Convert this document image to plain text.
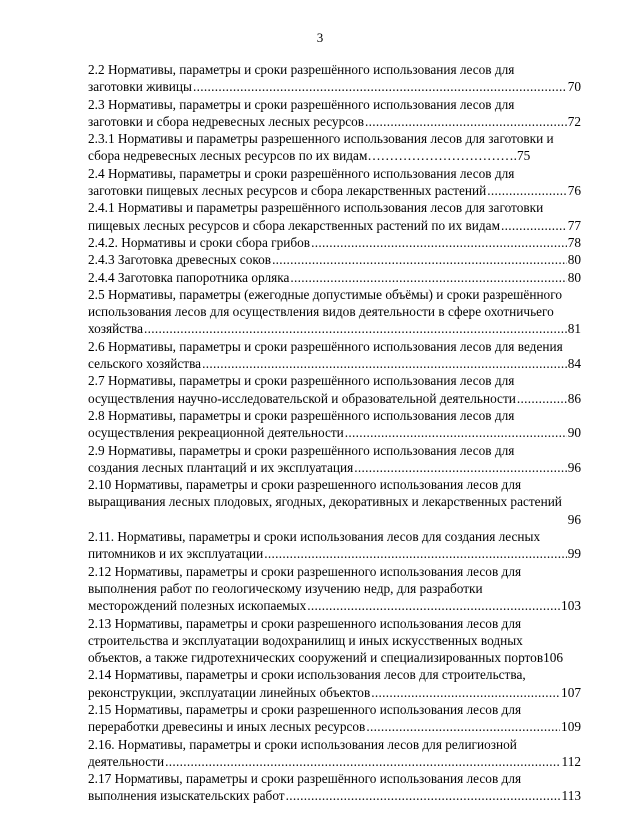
3
2.2 Нормативы, параметры и сроки разрешённого использования лесов для
заготовки живицы .....	70
2.3 Нормативы, параметры и сроки разрешённого использования лесов для
заготовки и сбора недревесных лесных ресурсов .....	72
2.3.1 Нормативы и параметры разрешенного использования лесов для заготовки и
сбора недревесных лесных ресурсов по их видам…………………………….75
2.4 Нормативы, параметры и сроки разрешённого использования лесов для
заготовки пищевых лесных ресурсов и сбора лекарственных растений .....	76
2.4.1 Нормативы и параметры разрешённого использования лесов для заготовки
пищевых лесных ресурсов и сбора лекарственных растений по их видам .....	77
2.4.2. Нормативы и сроки сбора грибов .....	78
2.4.3 Заготовка древесных соков .....	80
2.4.4 Заготовка папоротника орляка .....	80
2.5 Нормативы, параметры (ежегодные допустимые объёмы) и сроки разрешённого
использования лесов для осуществления видов деятельности в сфере охотничьего
хозяйства .....	81
2.6 Нормативы, параметры и сроки разрешённого использования лесов для ведения
сельского хозяйства .....	84
2.7 Нормативы, параметры и сроки разрешённого использования лесов для
осуществления научно-исследовательской и образовательной деятельности .....	86
2.8 Нормативы, параметры и сроки разрешённого использования лесов для
осуществления рекреационной деятельности .....	90
2.9 Нормативы, параметры и сроки разрешённого использования лесов для
создания лесных плантаций и их эксплуатация .....	96
2.10 Нормативы, параметры и сроки разрешенного использования лесов для
выращивания лесных плодовых, ягодных, декоративных и лекарственных растений
96
2.11. Нормативы, параметры и сроки использования лесов для создания лесных
питомников и их эксплуатации .....	99
2.12 Нормативы, параметры и сроки разрешенного использования лесов для
выполнения работ по геологическому изучению недр, для разработки
месторождений полезных ископаемых .....	103
2.13 Нормативы, параметры и сроки разрешенного использования лесов для
строительства и эксплуатации водохранилищ и иных искусственных водных
объектов, а также гидротехнических сооружений и специализированных портов106
2.14 Нормативы, параметры и сроки использования лесов для строительства,
реконструкции, эксплуатации линейных объектов .....	107
2.15 Нормативы, параметры и сроки разрешенного использования лесов для
переработки древесины и иных лесных ресурсов .....	109
2.16. Нормативы, параметры и сроки использования лесов для религиозной
деятельности .....	112
2.17 Нормативы, параметры и сроки разрешённого использования лесов для
выполнения изыскательских работ .....	113
